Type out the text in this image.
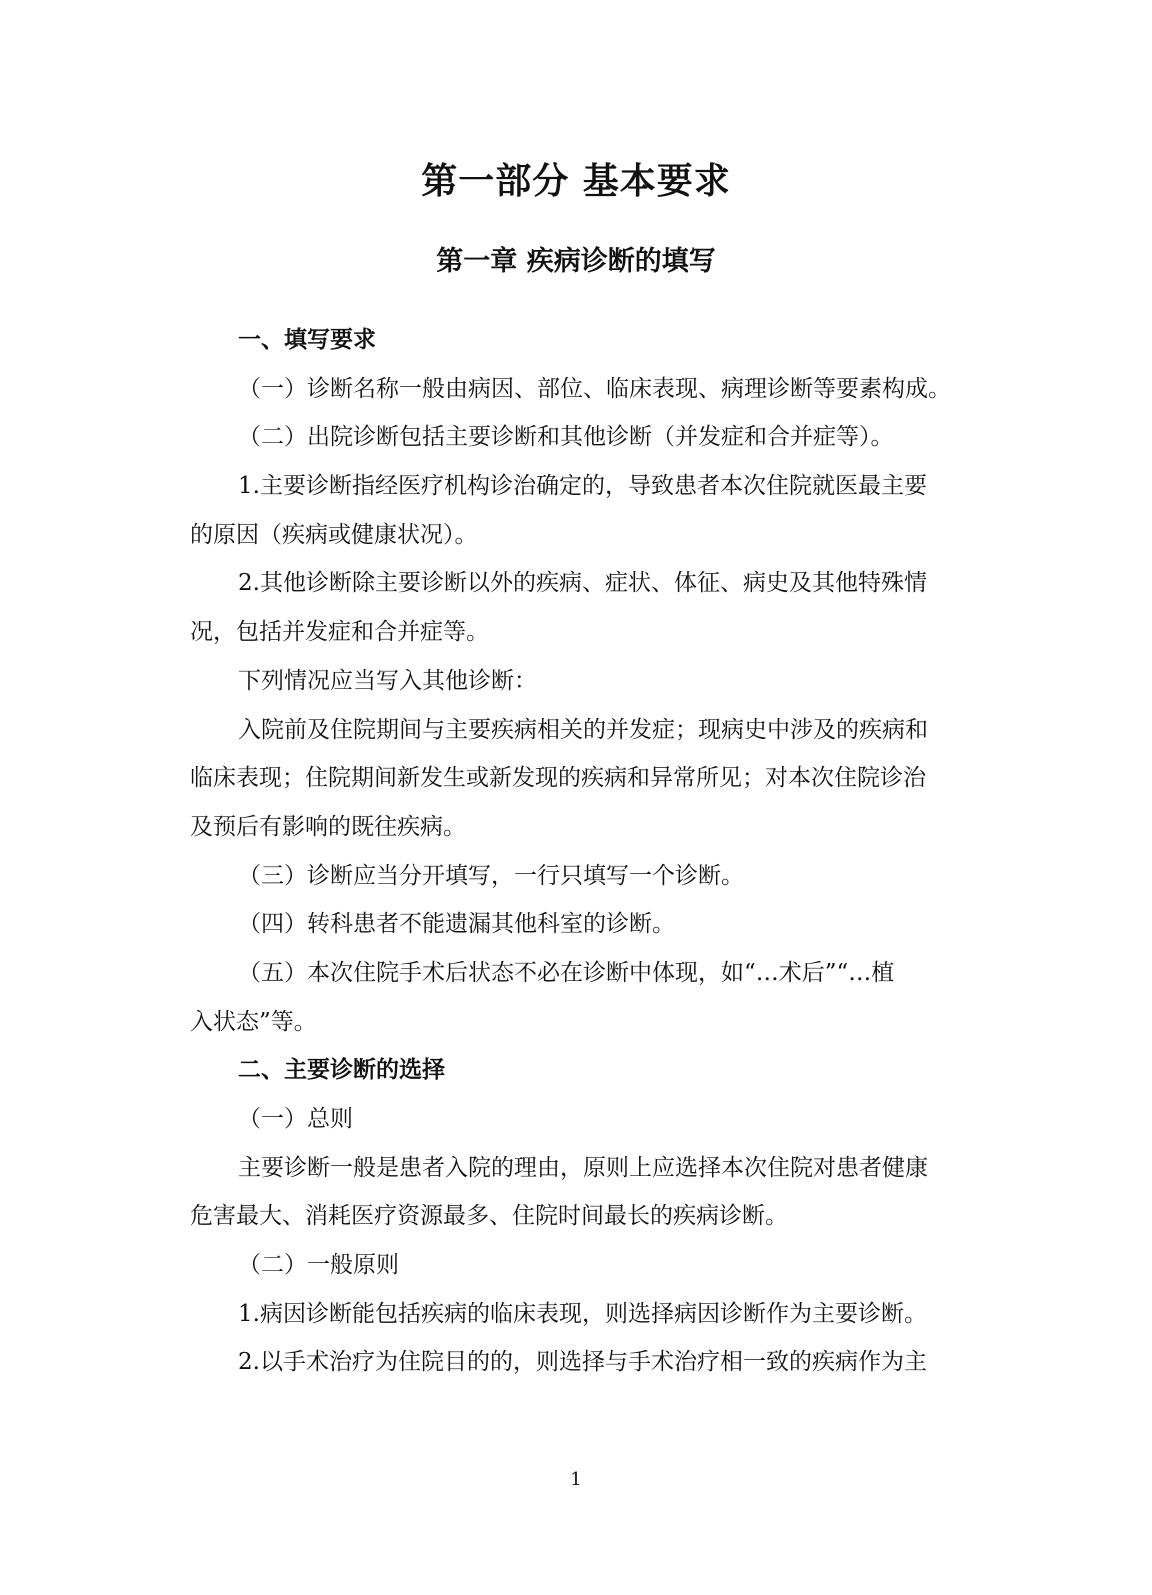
第一部分 基本要求
第一章 疾病诊断的填写
一、填写要求
（一）诊断名称一般由病因、部位、临床表现、病理诊断等要素构成。
（二）出院诊断包括主要诊断和其他诊断（并发症和合并症等）。
1.主要诊断指经医疗机构诊治确定的，导致患者本次住院就医最主要
的原因（疾病或健康状况）。
2.其他诊断除主要诊断以外的疾病、症状、体征、病史及其他特殊情
况，包括并发症和合并症等。
下列情况应当写入其他诊断：
入院前及住院期间与主要疾病相关的并发症；现病史中涉及的疾病和
临床表现；住院期间新发生或新发现的疾病和异常所见；对本次住院诊治
及预后有影响的既往疾病。
（三）诊断应当分开填写，一行只填写一个诊断。
（四）转科患者不能遗漏其他科室的诊断。
（五）本次住院手术后状态不必在诊断中体现，如“…术后”“…植
入状态”等。
二、主要诊断的选择
（一）总则
主要诊断一般是患者入院的理由，原则上应选择本次住院对患者健康
危害最大、消耗医疗资源最多、住院时间最长的疾病诊断。
（二）一般原则
1.病因诊断能包括疾病的临床表现，则选择病因诊断作为主要诊断。
2.以手术治疗为住院目的的，则选择与手术治疗相一致的疾病作为主
1
